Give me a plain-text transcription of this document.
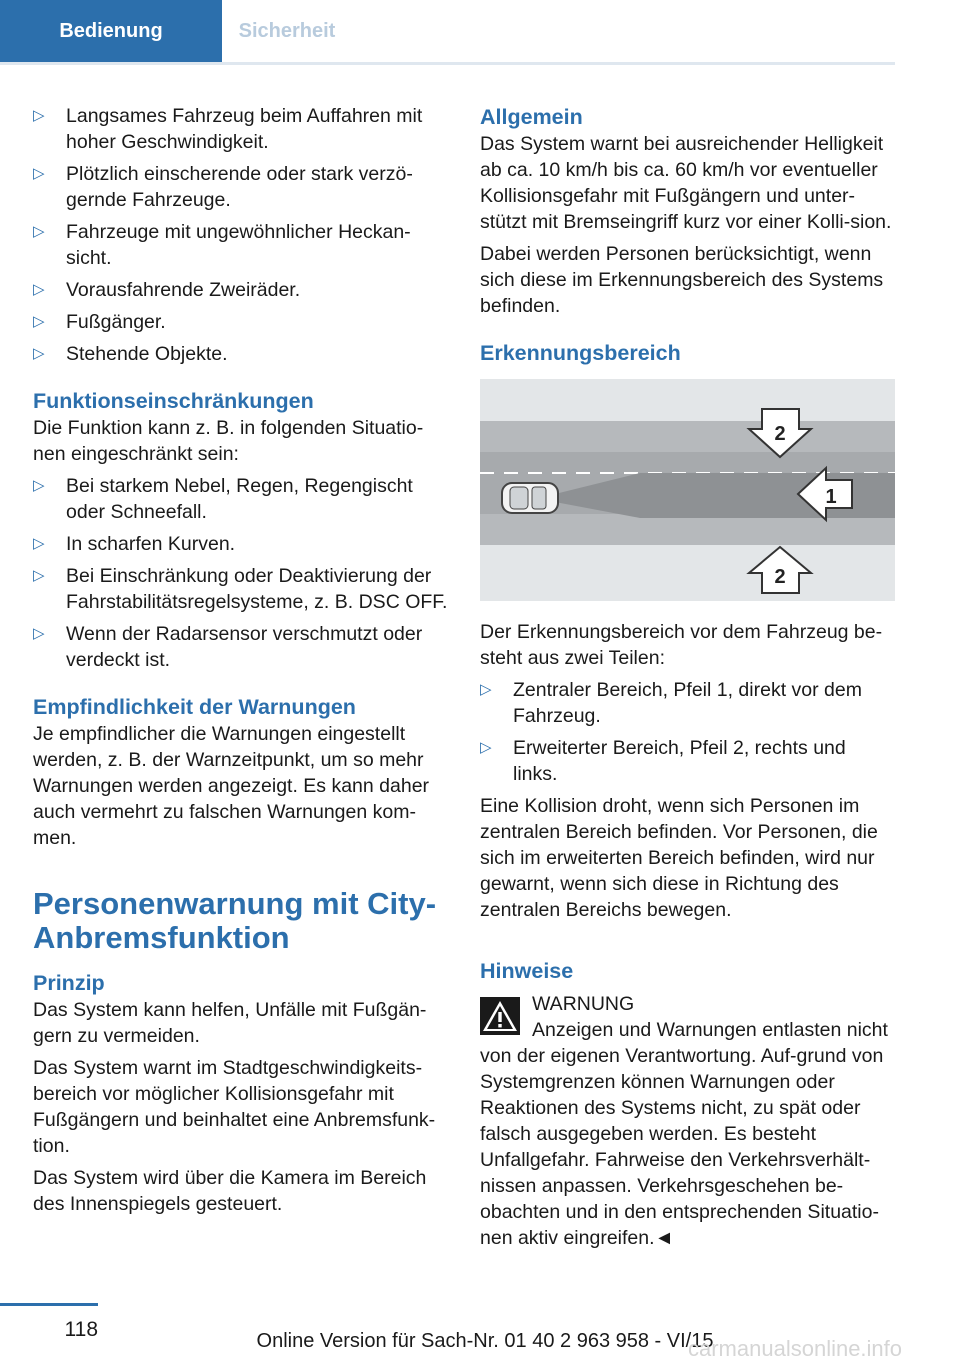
Bedienung	Sicherheit
▷ Langsames Fahrzeug beim Auffahren mit hoher Geschwindigkeit.
▷ Plötzlich einscherende oder stark verzö‐gernde Fahrzeuge.
▷ Fahrzeuge mit ungewöhnlicher Heckan‐sicht.
▷ Vorausfahrende Zweiräder.
▷ Fußgänger.
▷ Stehende Objekte.
Funktionseinschränkungen

Die Funktion kann z. B. in folgenden Situatio‐nen eingeschränkt sein:

▷ Bei starkem Nebel, Regen, Regengischt oder Schneefall.
▷ In scharfen Kurven.
▷ Bei Einschränkung oder Deaktivierung der Fahrstabilitätsregelsysteme, z. B. DSC OFF.
▷ Wenn der Radarsensor verschmutzt oder verdeckt ist.
Empfindlichkeit der Warnungen

Je empfindlicher die Warnungen eingestellt werden, z. B. der Warnzeitpunkt, um so mehr Warnungen werden angezeigt. Es kann daher auch vermehrt zu falschen Warnungen kom‐men.

Personenwarnung mit City-Anbremsfunktion
Prinzip

Das System kann helfen, Unfälle mit Fußgän‐gern zu vermeiden.

Das System warnt im Stadtgeschwindigkeits‐bereich vor möglicher Kollisionsgefahr mit Fußgängern und beinhaltet eine Anbremsfunk‐tion.

Das System wird über die Kamera im Bereich des Innenspiegels gesteuert.

Allgemein

Das System warnt bei ausreichender Helligkeit ab ca. 10 km/h bis ca. 60 km/h vor eventueller Kollisionsgefahr mit Fußgängern und unter‐stützt mit Bremseingriff kurz vor einer Kolli‐sion.

Dabei werden Personen berücksichtigt, wenn sich diese im Erkennungsbereich des Systems befinden.

Erkennungsbereich
2
1
2

Der Erkennungsbereich vor dem Fahrzeug be‐steht aus zwei Teilen:

▷ Zentraler Bereich, Pfeil 1, direkt vor dem Fahrzeug.
▷ Erweiterter Bereich, Pfeil 2, rechts und links.

Eine Kollision droht, wenn sich Personen im zentralen Bereich befinden. Vor Personen, die sich im erweiterten Bereich befinden, wird nur gewarnt, wenn sich diese in Richtung des zentralen Bereichs bewegen.

Hinweise
WARNUNG

Anzeigen und Warnungen entlasten nicht von der eigenen Verantwortung. Auf‐grund von Systemgrenzen können Warnungen oder Reaktionen des Systems nicht, zu spät oder falsch ausgegeben werden. Es besteht Unfallgefahr. Fahrweise den Verkehrsverhält‐nissen anpassen. Verkehrsgeschehen be‐obachten und in den entsprechenden Situatio‐nen aktiv eingreifen.◄

118	Online Version für Sach-Nr. 01 40 2 963 958 - VI/15
carmanualsonline.info
